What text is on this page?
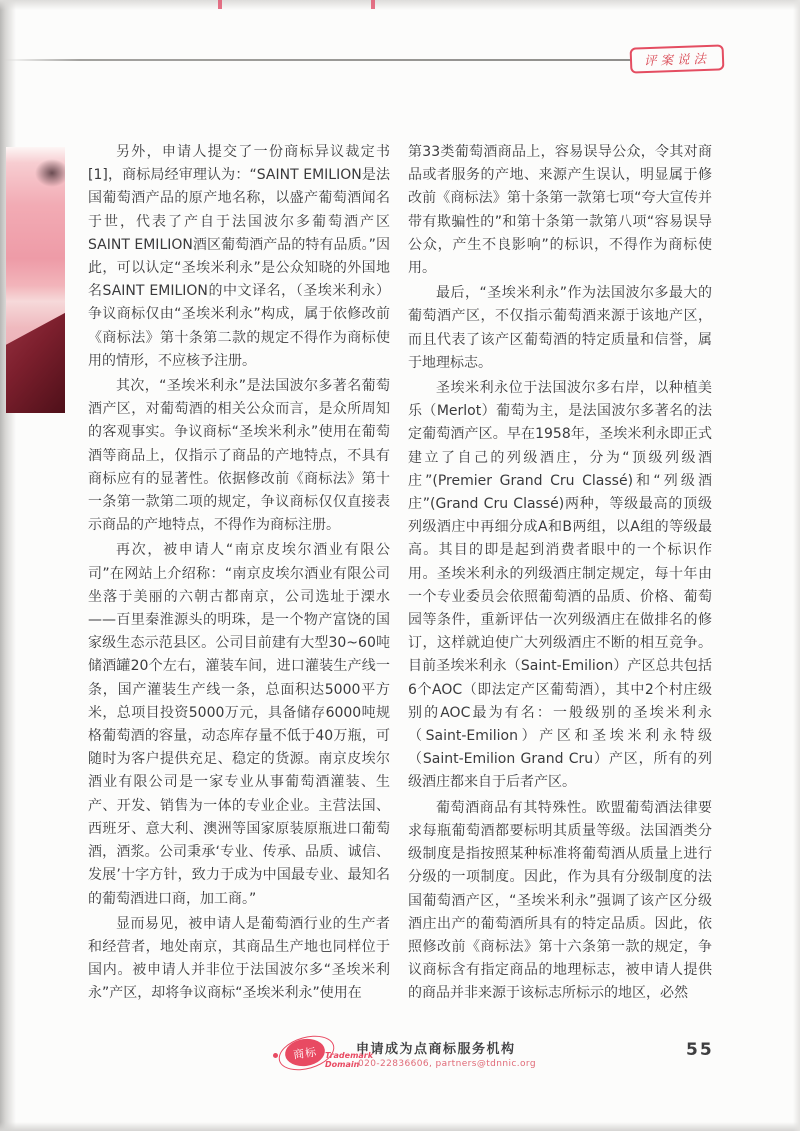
评案说法

另外，申请人提交了一份商标异议裁定书[1]，商标局经审理认为：“SAINT EMILION是法国葡萄酒产品的原产地名称，以盛产葡萄酒闻名于世，代表了产自于法国波尔多葡萄酒产区SAINT EMILION酒区葡萄酒产品的特有品质。”因此，可以认定“圣埃米利永”是公众知晓的外国地名SAINT EMILION的中文译名，（圣埃米利永）争议商标仅由“圣埃米利永”构成，属于依修改前《商标法》第十条第二款的规定不得作为商标使用的情形，不应核予注册。

其次，“圣埃米利永”是法国波尔多著名葡萄酒产区，对葡萄酒的相关公众而言，是众所周知的客观事实。争议商标“圣埃米利永”使用在葡萄酒等商品上，仅指示了商品的产地特点，不具有商标应有的显著性。依据修改前《商标法》第十一条第一款第二项的规定，争议商标仅仅直接表示商品的产地特点，不得作为商标注册。

再次，被申请人“南京皮埃尔酒业有限公司”在网站上介绍称：“南京皮埃尔酒业有限公司坐落于美丽的六朝古都南京，公司选址于溧水——百里秦淮源头的明珠，是一个物产富饶的国家级生态示范县区。公司目前建有大型30~60吨储酒罐20个左右，灌装车间，进口灌装生产线一条，国产灌装生产线一条，总面积达5000平方米，总项目投资5000万元，具备储存6000吨规格葡萄酒的容量，动态库存量不低于40万瓶，可随时为客户提供充足、稳定的货源。南京皮埃尔酒业有限公司是一家专业从事葡萄酒灌装、生产、开发、销售为一体的专业企业。主营法国、西班牙、意大利、澳洲等国家原装原瓶进口葡萄酒，酒浆。公司秉承‘专业、传承、品质、诚信、发展’十字方针，致力于成为中国最专业、最知名的葡萄酒进口商，加工商。”

显而易见，被申请人是葡萄酒行业的生产者和经营者，地处南京，其商品生产地也同样位于国内。被申请人并非位于法国波尔多“圣埃米利永”产区，却将争议商标“圣埃米利永”使用在

第33类葡萄酒商品上，容易误导公众，令其对商品或者服务的产地、来源产生误认，明显属于修改前《商标法》第十条第一款第七项“夸大宣传并带有欺骗性的”和第十条第一款第八项“容易误导公众，产生不良影响”的标识，不得作为商标使用。

最后，“圣埃米利永”作为法国波尔多最大的葡萄酒产区，不仅指示葡萄酒来源于该地产区，而且代表了该产区葡萄酒的特定质量和信誉，属于地理标志。

圣埃米利永位于法国波尔多右岸，以种植美乐（Merlot）葡萄为主，是法国波尔多著名的法定葡萄酒产区。早在1958年，圣埃米利永即正式建立了自己的列级酒庄，分为“顶级列级酒庄”(Premier Grand Cru Classé)和“列级酒庄”(Grand Cru Classé)两种，等级最高的顶级列级酒庄中再细分成A和B两组，以A组的等级最高。其目的即是起到消费者眼中的一个标识作用。圣埃米利永的列级酒庄制定规定，每十年由一个专业委员会依照葡萄酒的品质、价格、葡萄园等条件，重新评估一次列级酒庄在做排名的修订，这样就迫使广大列级酒庄不断的相互竞争。目前圣埃米利永（Saint-Emilion）产区总共包括6个AOC（即法定产区葡萄酒），其中2个村庄级别的AOC最为有名：一般级别的圣埃米利永（Saint-Emilion）产区和圣埃米利永特级（Saint-Emilion Grand Cru）产区，所有的列级酒庄都来自于后者产区。

葡萄酒商品有其特殊性。欧盟葡萄酒法律要求每瓶葡萄酒都要标明其质量等级。法国酒类分级制度是指按照某种标准将葡萄酒从质量上进行分级的一项制度。因此，作为具有分级制度的法国葡萄酒产区，“圣埃米利永”强调了该产区分级酒庄出产的葡萄酒所具有的特定品质。因此，依照修改前《商标法》第十六条第一款的规定，争议商标含有指定商品的地理标志，被申请人提供的商品并非来源于该标志所标示的地区，必然

商标 Trademark
Domain
申请成为点商标服务机构
020-22836606, partners@tdnnic.org
55
